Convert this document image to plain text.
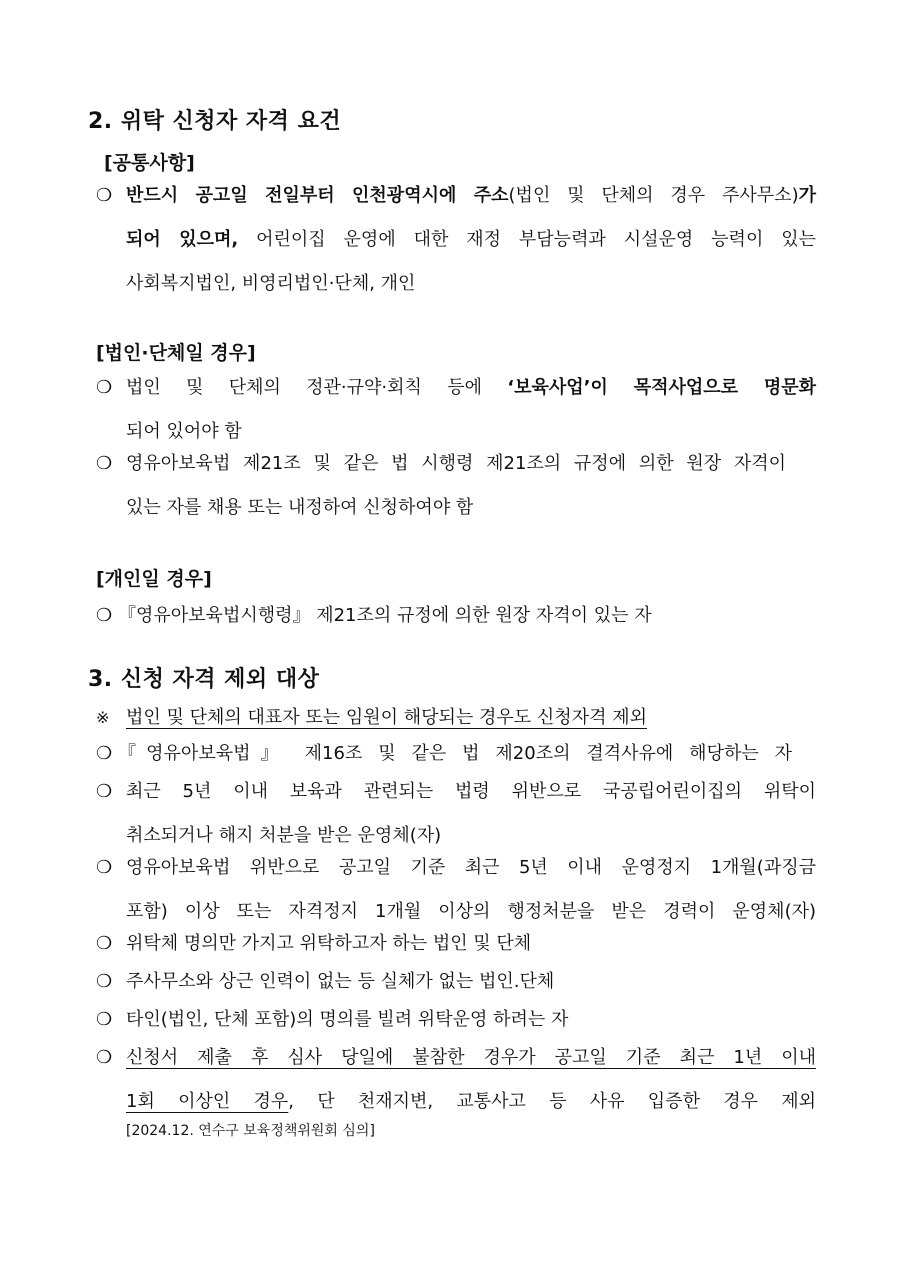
2. 위탁 신청자 자격 요건
[공통사항]
❍ 반드시 공고일 전일부터 인천광역시에 주소(법인 및 단체의 경우 주사무소)가
되어 있으며, 어린이집 운영에 대한 재정 부담능력과 시설운영 능력이 있는
사회복지법인, 비영리법인·단체, 개인
[법인·단체일 경우]
❍ 법인 및 단체의 정관·규약·회칙 등에 ‘보육사업’이 목적사업으로 명문화
되어 있어야 함
❍ 영유아보육법 제21조 및 같은 법 시행령 제21조의 규정에 의한 원장 자격이
있는 자를 채용 또는 내정하여 신청하여야 함
[개인일 경우]
❍ 『영유아보육법시행령』 제21조의 규정에 의한 원장 자격이 있는 자
3. 신청 자격 제외 대상
※ 법인 및 단체의 대표자 또는 임원이 해당되는 경우도 신청자격 제외
❍ 『영유아보육법』 제16조 및 같은 법 제20조의 결격사유에 해당하는 자
❍ 최근 5년 이내 보육과 관련되는 법령 위반으로 국공립어린이집의 위탁이
취소되거나 해지 처분을 받은 운영체(자)
❍ 영유아보육법 위반으로 공고일 기준 최근 5년 이내 운영정지 1개월(과징금
포함) 이상 또는 자격정지 1개월 이상의 행정처분을 받은 경력이 운영체(자)
❍ 위탁체 명의만 가지고 위탁하고자 하는 법인 및 단체
❍ 주사무소와 상근 인력이 없는 등 실체가 없는 법인.단체
❍ 타인(법인, 단체 포함)의 명의를 빌려 위탁운영 하려는 자
❍ 신청서 제출 후 심사 당일에 불참한 경우가 공고일 기준 최근 1년 이내
1회 이상인 경우, 단 천재지변, 교통사고 등 사유 입증한 경우 제외
[2024.12. 연수구 보육정책위원회 심의]
